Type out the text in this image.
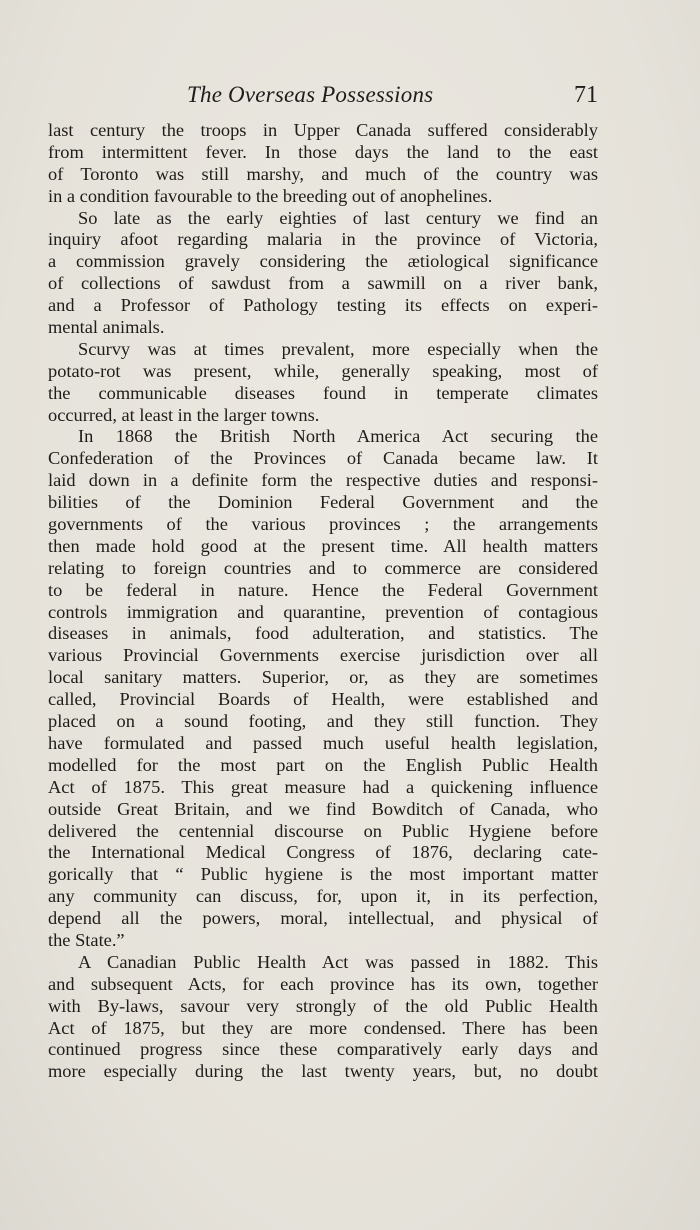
The Overseas Possessions	71
last century the troops in Upper Canada suffered considerably
from intermittent fever. In those days the land to the east
of Toronto was still marshy, and much of the country was
in a condition favourable to the breeding out of anophelines.
So late as the early eighties of last century we find an
inquiry afoot regarding malaria in the province of Victoria,
a commission gravely considering the ætiological significance
of collections of sawdust from a sawmill on a river bank,
and a Professor of Pathology testing its effects on experi-
mental animals.
Scurvy was at times prevalent, more especially when the
potato-rot was present, while, generally speaking, most of
the communicable diseases found in temperate climates
occurred, at least in the larger towns.
In 1868 the British North America Act securing the
Confederation of the Provinces of Canada became law. It
laid down in a definite form the respective duties and responsi-
bilities of the Dominion Federal Government and the
governments of the various provinces ; the arrangements
then made hold good at the present time. All health matters
relating to foreign countries and to commerce are considered
to be federal in nature. Hence the Federal Government
controls immigration and quarantine, prevention of contagious
diseases in animals, food adulteration, and statistics. The
various Provincial Governments exercise jurisdiction over all
local sanitary matters. Superior, or, as they are sometimes
called, Provincial Boards of Health, were established and
placed on a sound footing, and they still function. They
have formulated and passed much useful health legislation,
modelled for the most part on the English Public Health
Act of 1875. This great measure had a quickening influence
outside Great Britain, and we find Bowditch of Canada, who
delivered the centennial discourse on Public Hygiene before
the International Medical Congress of 1876, declaring cate-
gorically that “ Public hygiene is the most important matter
any community can discuss, for, upon it, in its perfection,
depend all the powers, moral, intellectual, and physical of
the State.”
A Canadian Public Health Act was passed in 1882. This
and subsequent Acts, for each province has its own, together
with By-laws, savour very strongly of the old Public Health
Act of 1875, but they are more condensed. There has been
continued progress since these comparatively early days and
more especially during the last twenty years, but, no doubt
